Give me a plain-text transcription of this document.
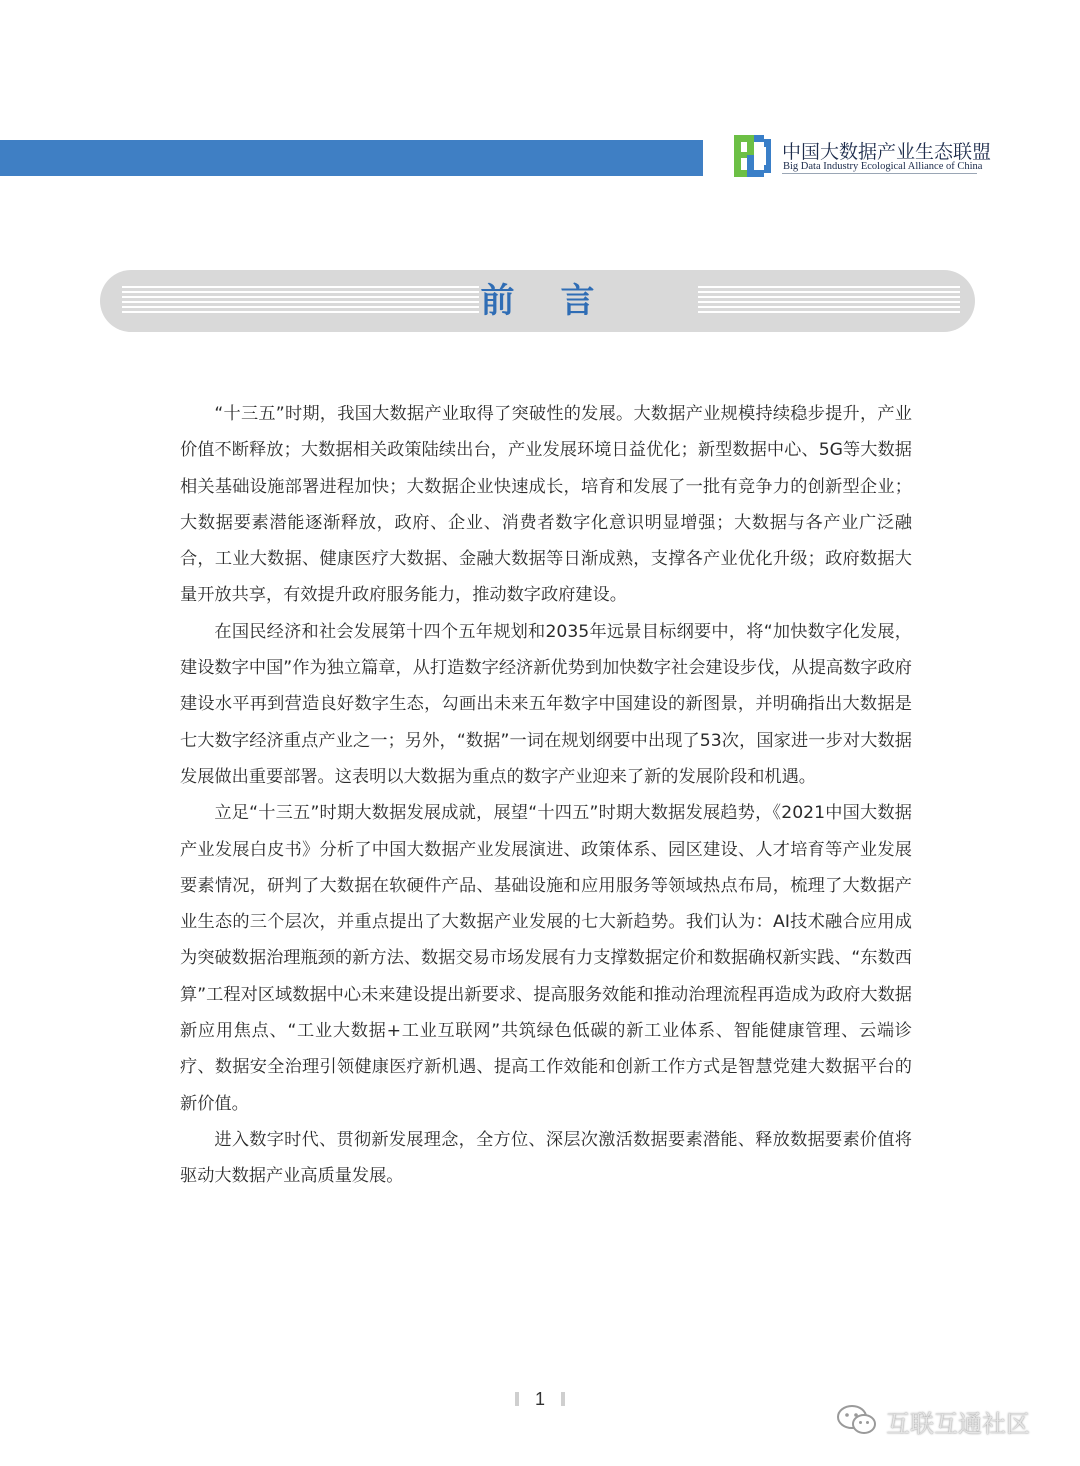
中国大数据产业生态联盟
Big Data Industry Ecological Alliance of China
前言

“十三五”时期，我国大数据产业取得了突破性的发展。大数据产业规模持续稳步提升，产业价值不断释放；大数据相关政策陆续出台，产业发展环境日益优化；新型数据中心、5G等大数据相关基础设施部署进程加快；大数据企业快速成长，培育和发展了一批有竞争力的创新型企业；大数据要素潜能逐渐释放，政府、企业、消费者数字化意识明显增强；大数据与各产业广泛融合，工业大数据、健康医疗大数据、金融大数据等日渐成熟，支撑各产业优化升级；政府数据大量开放共享，有效提升政府服务能力，推动数字政府建设。

在国民经济和社会发展第十四个五年规划和2035年远景目标纲要中，将“加快数字化发展，建设数字中国”作为独立篇章，从打造数字经济新优势到加快数字社会建设步伐，从提高数字政府建设水平再到营造良好数字生态，勾画出未来五年数字中国建设的新图景，并明确指出大数据是七大数字经济重点产业之一；另外，“数据”一词在规划纲要中出现了53次，国家进一步对大数据发展做出重要部署。这表明以大数据为重点的数字产业迎来了新的发展阶段和机遇。

立足“十三五”时期大数据发展成就，展望“十四五”时期大数据发展趋势，《2021中国大数据产业发展白皮书》分析了中国大数据产业发展演进、政策体系、园区建设、人才培育等产业发展要素情况，研判了大数据在软硬件产品、基础设施和应用服务等领域热点布局，梳理了大数据产业生态的三个层次，并重点提出了大数据产业发展的七大新趋势。我们认为：AI技术融合应用成为突破数据治理瓶颈的新方法、数据交易市场发展有力支撑数据定价和数据确权新实践、“东数西算”工程对区域数据中心未来建设提出新要求、提高服务效能和推动治理流程再造成为政府大数据新应用焦点、“工业大数据+工业互联网”共筑绿色低碳的新工业体系、智能健康管理、云端诊疗、数据安全治理引领健康医疗新机遇、提高工作效能和创新工作方式是智慧党建大数据平台的新价值。

进入数字时代、贯彻新发展理念，全方位、深层次激活数据要素潜能、释放数据要素价值将驱动大数据产业高质量发展。

1
互联互通社区
